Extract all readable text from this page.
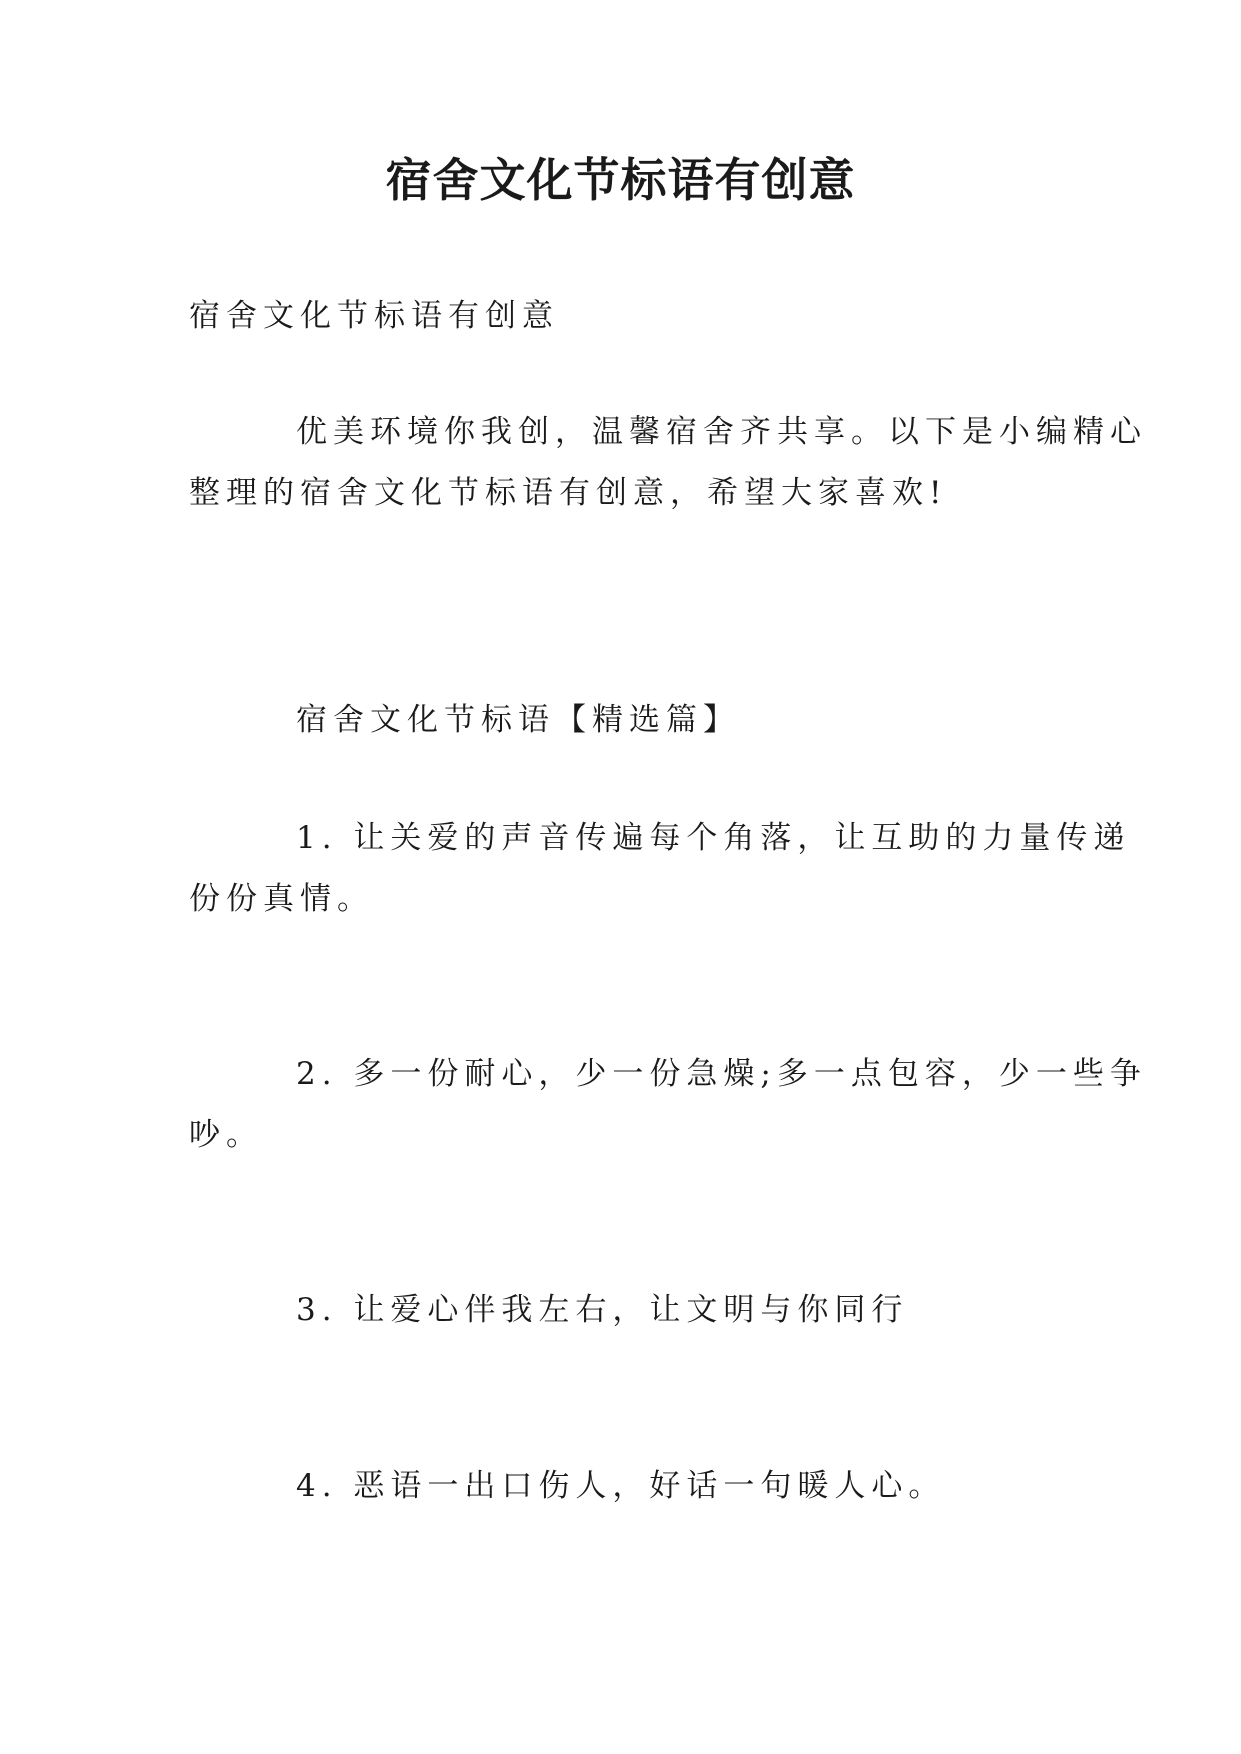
宿舍文化节标语有创意

宿舍文化节标语有创意

优美环境你我创，温馨宿舍齐共享。以下是小编精心

整理的宿舍文化节标语有创意，希望大家喜欢!

宿舍文化节标语【精选篇】

1. 让关爱的声音传遍每个角落，让互助的力量传递

份份真情。

2. 多一份耐心，少一份急燥;多一点包容，少一些争

吵。

3. 让爱心伴我左右，让文明与你同行

4. 恶语一出口伤人，好话一句暖人心。
